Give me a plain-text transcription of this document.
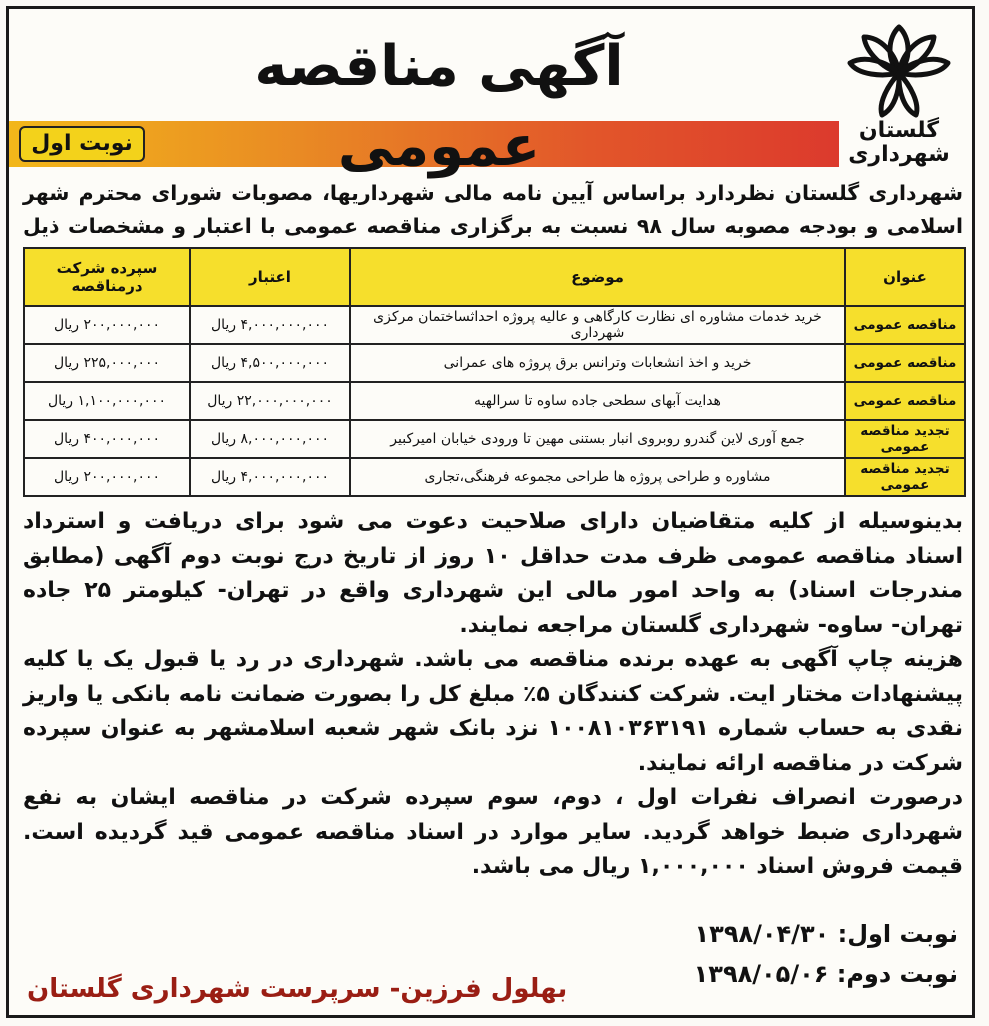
آگهی مناقصه عمومی
نوبت اول
گلستان
شهرداری
شهرداری گلستان نظردارد براساس آیین نامه مالی شهرداریها، مصوبات شورای محترم شهر اسلامی و بودجه مصوبه سال ۹۸ نسبت به برگزاری مناقصه عمومی با اعتبار و مشخصات ذیل
عنوان	موضوع	اعتبار	سپرده شرکت درمناقصه
مناقصه عمومی	خرید خدمات مشاوره ای نظارت کارگاهی و عالیه پروژه احداثساختمان مرکزی شهرداری	۴,۰۰۰,۰۰۰,۰۰۰ ریال	۲۰۰,۰۰۰,۰۰۰ ریال
مناقصه عمومی	خرید و اخذ انشعابات وترانس برق پروژه های عمرانی	۴,۵۰۰,۰۰۰,۰۰۰ ریال	۲۲۵,۰۰۰,۰۰۰ ریال
مناقصه عمومی	هدایت آبهای سطحی جاده ساوه تا سرالهیه	۲۲,۰۰۰,۰۰۰,۰۰۰ ریال	۱,۱۰۰,۰۰۰,۰۰۰ ریال
تجدید مناقصه عمومی	جمع آوری لاین گندرو روبروی انبار بستنی مهین تا ورودی خیابان امیرکبیر	۸,۰۰۰,۰۰۰,۰۰۰ ریال	۴۰۰,۰۰۰,۰۰۰ ریال
تجدید مناقصه عمومی	مشاوره و طراحی پروژه ها طراحی مجموعه فرهنگی،تجاری	۴,۰۰۰,۰۰۰,۰۰۰ ریال	۲۰۰,۰۰۰,۰۰۰ ریال

بدینوسیله از کلیه متقاضیان دارای صلاحیت دعوت می شود برای دریافت و استرداد اسناد مناقصه عمومی ظرف مدت حداقل ۱۰ روز از تاریخ درج نوبت دوم آگهی (مطابق مندرجات اسناد) به واحد امور مالی این شهرداری واقع در تهران- کیلومتر ۲۵ جاده تهران- ساوه- شهرداری گلستان مراجعه نمایند.

هزینه چاپ آگهی به عهده برنده مناقصه می باشد. شهرداری در رد یا قبول یک یا کلیه پیشنهادات مختار ایت. شرکت کنندگان ۵٪ مبلغ کل را بصورت ضمانت نامه بانکی یا واریز نقدی به حساب شماره ۱۰۰۸۱۰۳۶۳۱۹۱ نزد بانک شهر شعبه اسلامشهر به عنوان سپرده شرکت در مناقصه ارائه نمایند.

درصورت انصراف نفرات اول ، دوم، سوم سپرده شرکت در مناقصه ایشان به نفع شهرداری ضبط خواهد گردید. سایر موارد در اسناد مناقصه عمومی قید گردیده است. قیمت فروش اسناد ۱,۰۰۰,۰۰۰ ریال می باشد.

نوبت اول: ۱۳۹۸/۰۴/۳۰
نوبت دوم: ۱۳۹۸/۰۵/۰۶
بهلول فرزین- سرپرست شهرداری گلستان
